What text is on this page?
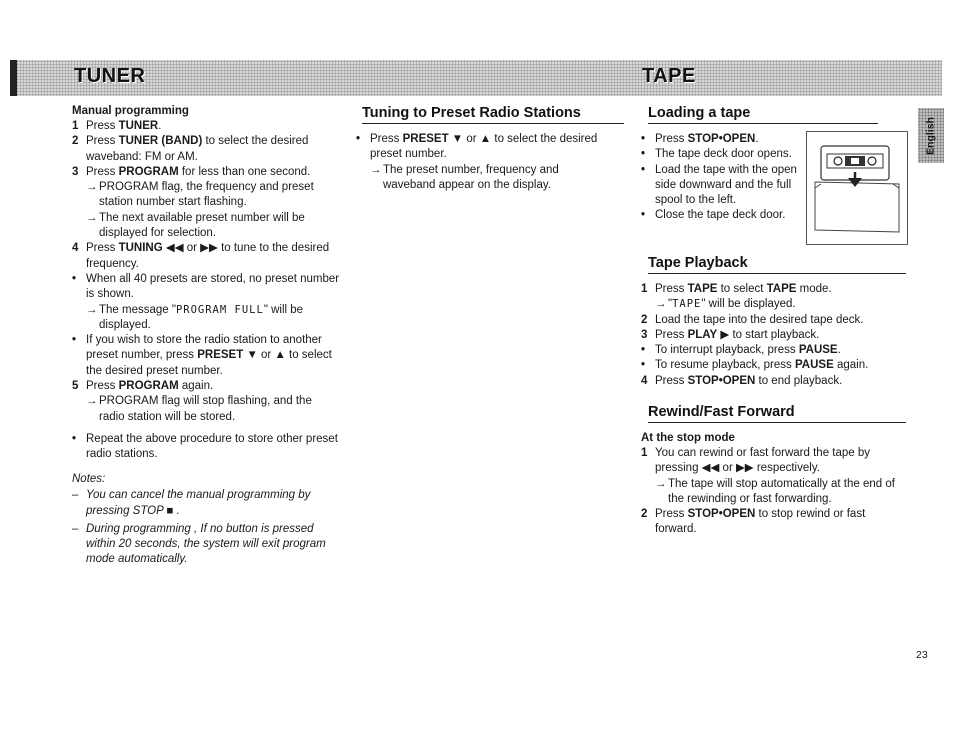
TUNER	TAPE
Manual programming
1 Press TUNER.
2 Press TUNER (BAND) to select the desired waveband: FM or AM.
3 Press PROGRAM for less than one second.
→ PROGRAM flag, the frequency and preset station number start flashing.
→ The next available preset number will be displayed for selection.
4 Press TUNING ◀◀ or ▶▶ to tune to the desired frequency.
• When all 40 presets are stored, no preset number is shown.
→ The message "PROGRAM FULL" will be displayed.
• If you wish to store the radio station to another preset number, press PRESET ▼ or ▲ to select the desired preset number.
5 Press PROGRAM again.
→ PROGRAM flag will stop flashing, and the radio station will be stored.
• Repeat the above procedure to store other preset radio stations.
Notes:
– You can cancel the manual programming by pressing STOP ■ .
– During programming , If no button is pressed within 20 seconds, the system will exit program mode automatically.
Tuning to Preset Radio Stations
• Press PRESET ▼ or ▲ to select the desired preset number.
→ The preset number, frequency and waveband appear on the display.
Loading a tape
• Press STOP•OPEN.
• The tape deck door opens.
• Load the tape with the open side downward and the full spool to the left.
• Close the tape deck door.
Tape Playback
1 Press TAPE to select TAPE mode.
→ "TAPE" will be displayed.
2 Load the tape into the desired tape deck.
3 Press PLAY ▶ to start playback.
• To interrupt playback, press PAUSE.
• To resume playback, press PAUSE again.
4 Press STOP•OPEN to end playback.
Rewind/Fast Forward
At the stop mode
1 You can rewind or fast forward the tape by pressing ◀◀ or ▶▶ respectively.
→ The tape will stop automatically at the end of the rewinding or fast forwarding.
2 Press STOP•OPEN to stop rewind or fast forward.
English
23
